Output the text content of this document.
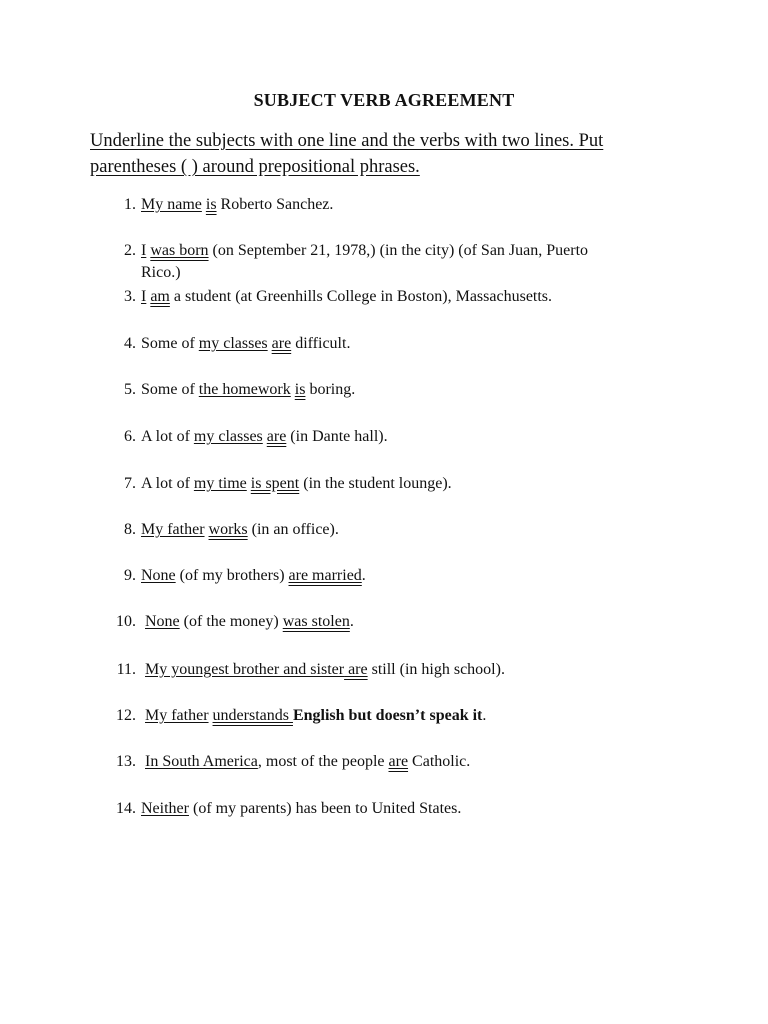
SUBJECT VERB AGREEMENT
Underline the subjects with one line and the verbs with two lines. Put
parentheses ( ) around prepositional phrases.
1. My name is Roberto Sanchez.
2. I was born (on September 21, 1978,) (in the city) (of San Juan, Puerto
Rico.)
3. I am a student (at Greenhills College in Boston), Massachusetts.
4. Some of my classes are difficult.
5. Some of the homework is boring.
6. A lot of my classes are (in Dante hall).
7. A lot of my time is spent (in the student lounge).
8. My father works (in an office).
9. None (of my brothers) are married.
10. None (of the money) was stolen.
11. My youngest brother and sister are still (in high school).
12. My father understands English but doesn’t speak it.
13. In South America, most of the people are Catholic.
14. Neither (of my parents) has been to United States.
